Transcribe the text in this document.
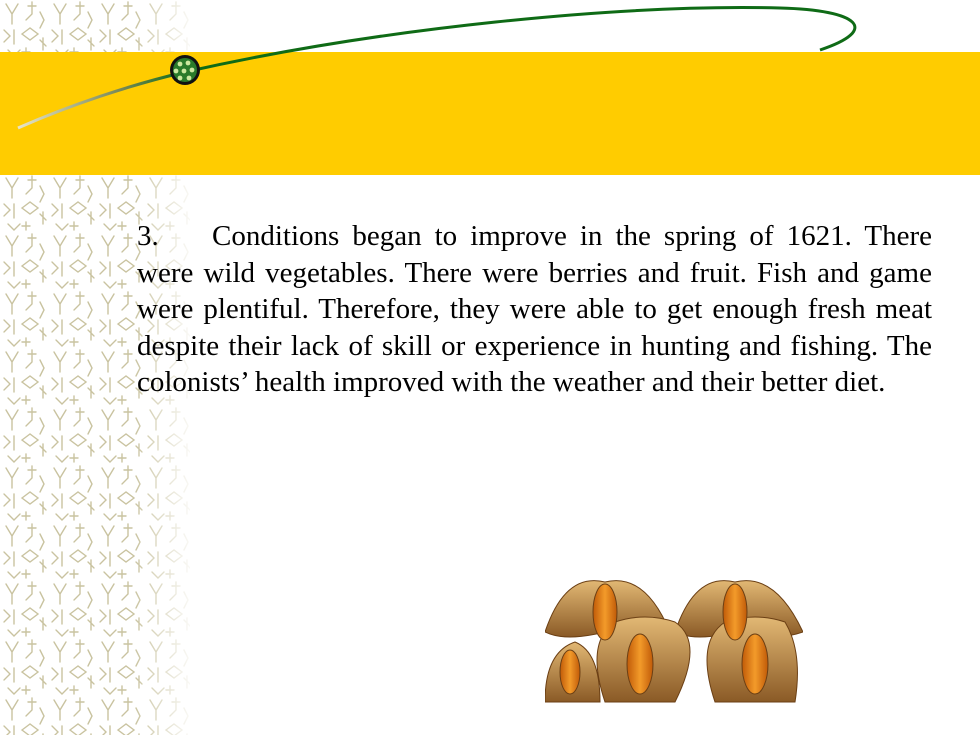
3. Conditions began to improve in the spring of 1621. There were wild vegetables. There were berries and fruit. Fish and game were plentiful. Therefore, they were able to get enough fresh meat despite their lack of skill or experience in hunting and fishing. The colonists’ health improved with the weather and their better diet.
